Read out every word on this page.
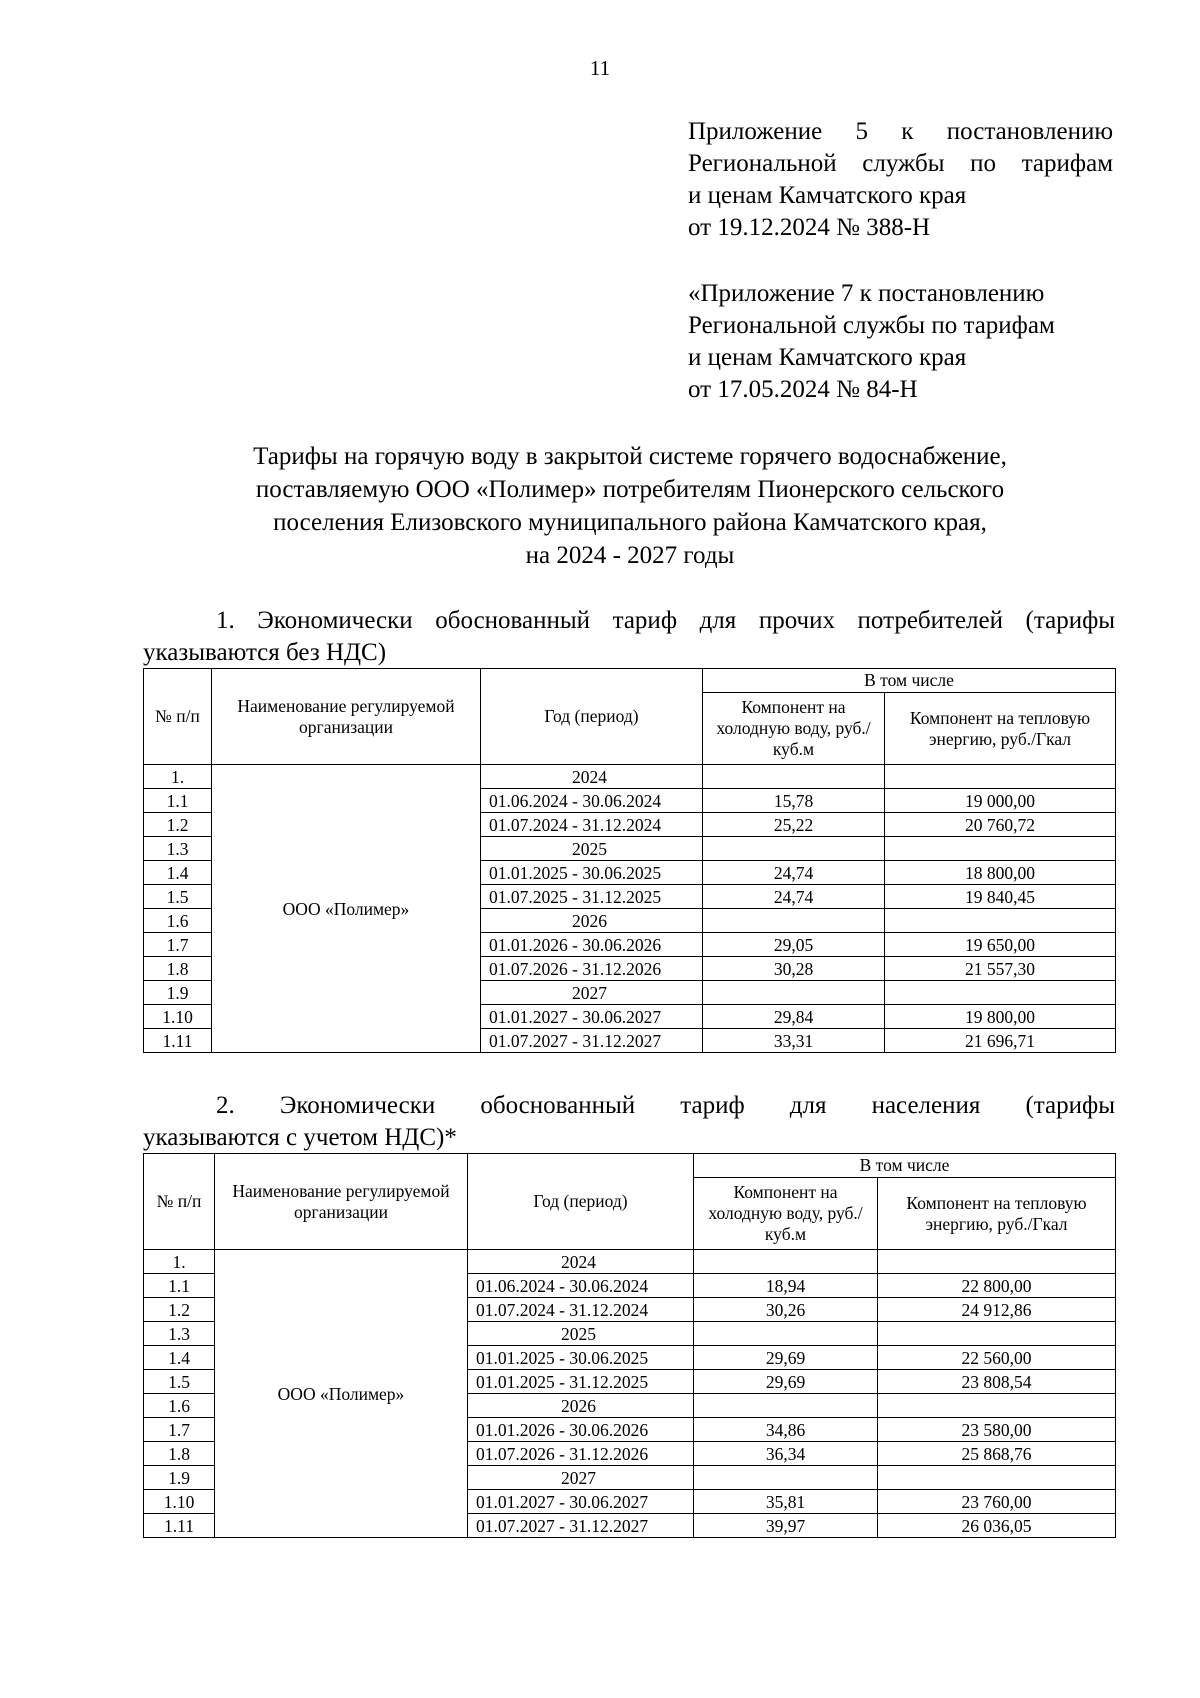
11
Приложение 5 к постановлению
Региональной службы по тарифам
и ценам Камчатского края
от 19.12.2024 № 388-Н
«Приложение 7 к постановлению
Региональной службы по тарифам
и ценам Камчатского края
от 17.05.2024 № 84-Н
Тарифы на горячую воду в закрытой системе горячего водоснабжение,
поставляемую ООО «Полимер» потребителям Пионерского сельского
поселения Елизовского муниципального района Камчатского края,
на 2024 - 2027 годы
1. Экономически обоснованный тариф для прочих потребителей (тарифы
указываются без НДС)
№ п/п	Наименование регулируемой организации	Год (период)	В том числе	
			Компонент на холодную воду, руб./куб.м	Компонент на тепловую энергию, руб./Гкал
1.	ООО «Полимер»	2024		
1.1		01.06.2024 - 30.06.2024	15,78	19 000,00
1.2		01.07.2024 - 31.12.2024	25,22	20 760,72
1.3		2025		
1.4		01.01.2025 - 30.06.2025	24,74	18 800,00
1.5		01.07.2025 - 31.12.2025	24,74	19 840,45
1.6		2026		
1.7		01.01.2026 - 30.06.2026	29,05	19 650,00
1.8		01.07.2026 - 31.12.2026	30,28	21 557,30
1.9		2027		
1.10		01.01.2027 - 30.06.2027	29,84	19 800,00
1.11		01.07.2027 - 31.12.2027	33,31	21 696,71
2. Экономически обоснованный тариф для населения (тарифы
указываются с учетом НДС)*
№ п/п	Наименование регулируемой организации	Год (период)	В том числе	
			Компонент на холодную воду, руб./куб.м	Компонент на тепловую энергию, руб./Гкал
1.	ООО «Полимер»	2024		
1.1		01.06.2024 - 30.06.2024	18,94	22 800,00
1.2		01.07.2024 - 31.12.2024	30,26	24 912,86
1.3		2025		
1.4		01.01.2025 - 30.06.2025	29,69	22 560,00
1.5		01.01.2025 - 31.12.2025	29,69	23 808,54
1.6		2026		
1.7		01.01.2026 - 30.06.2026	34,86	23 580,00
1.8		01.07.2026 - 31.12.2026	36,34	25 868,76
1.9		2027		
1.10		01.01.2027 - 30.06.2027	35,81	23 760,00
1.11		01.07.2027 - 31.12.2027	39,97	26 036,05
